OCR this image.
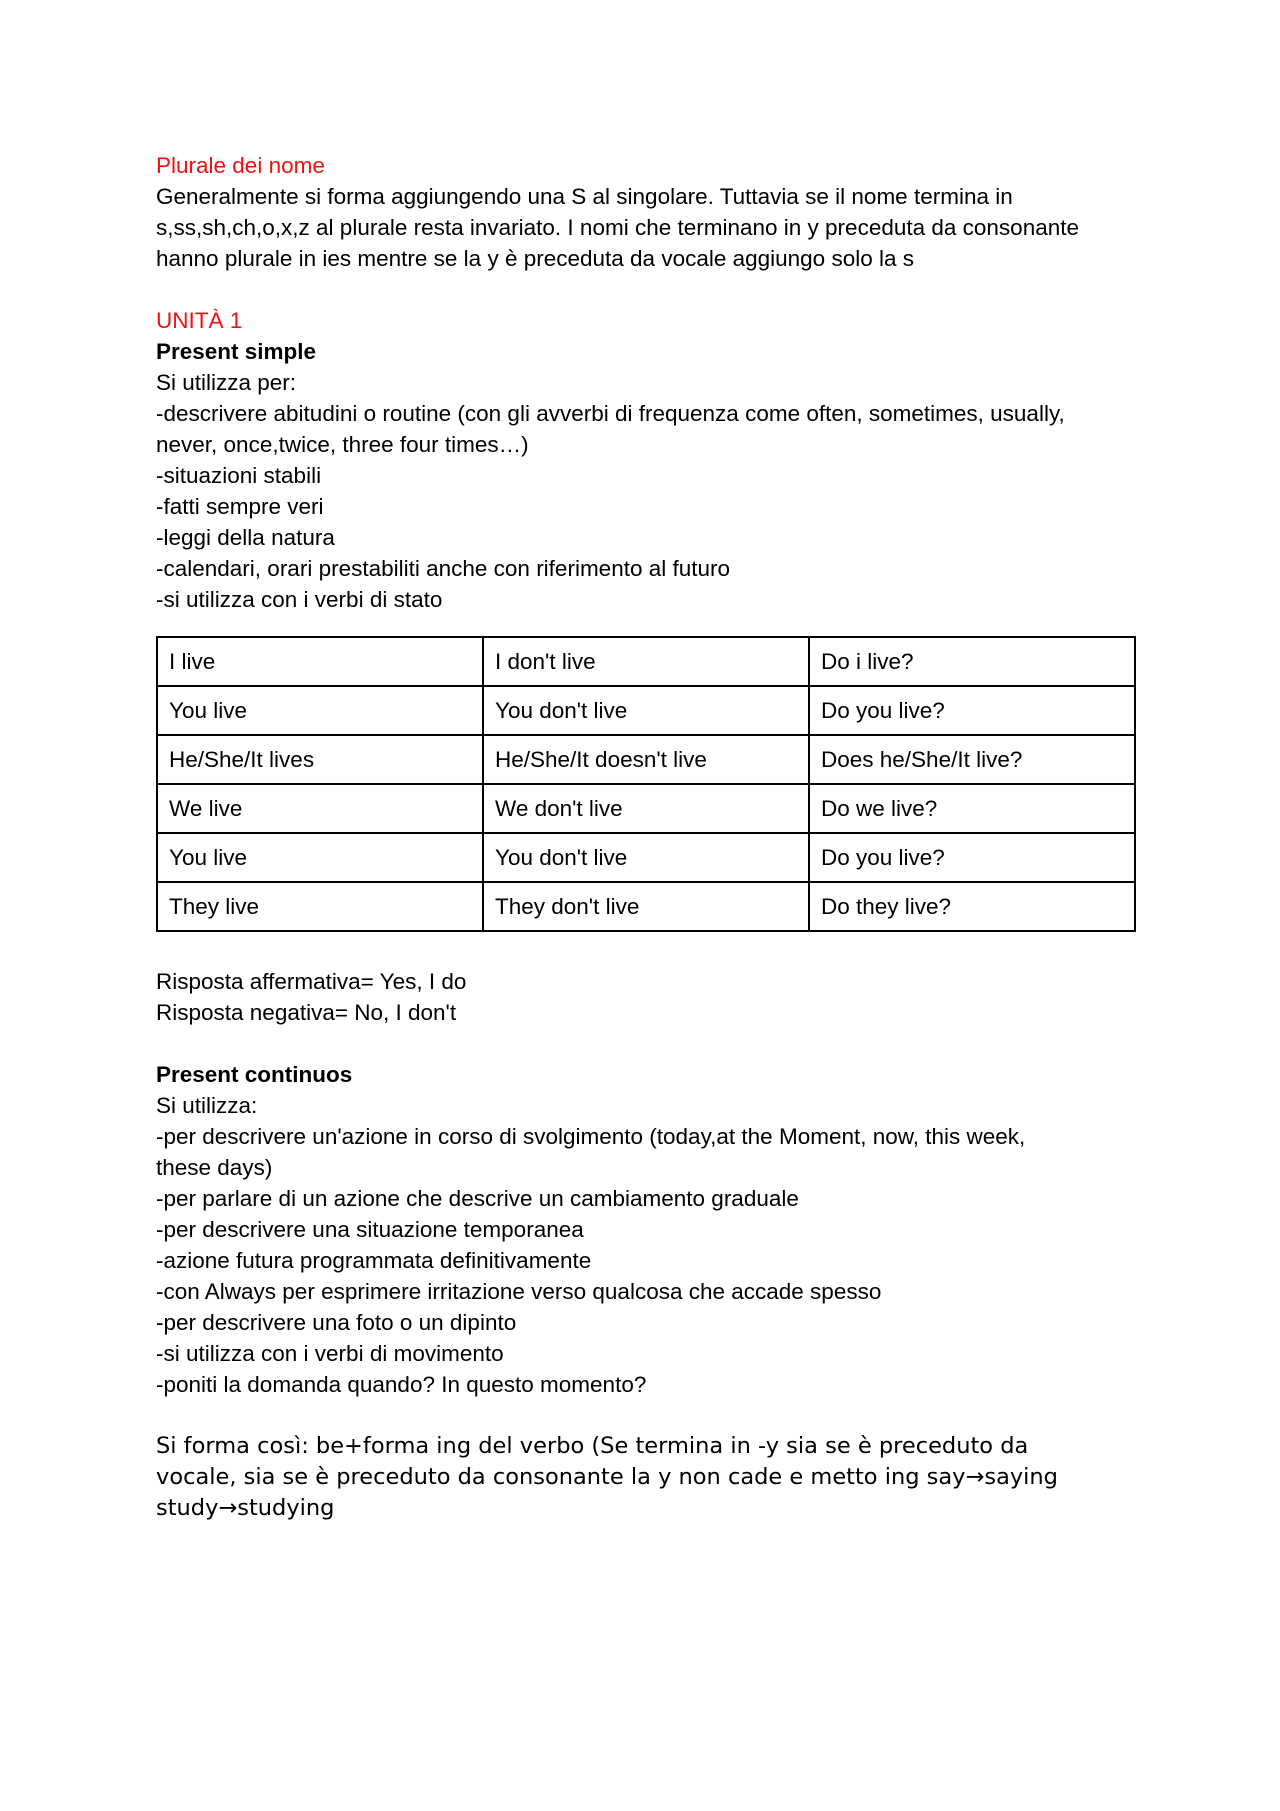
Plurale dei nome

Generalmente si forma aggiungendo una S al singolare. Tuttavia se il nome termina in

s,ss,sh,ch,o,x,z al plurale resta invariato. I nomi che terminano in y preceduta da consonante

hanno plurale in ies mentre se la y è preceduta da vocale aggiungo solo la s

UNITÀ 1

Present simple

Si utilizza per:

-descrivere abitudini o routine (con gli avverbi di frequenza come often, sometimes, usually,

never, once,twice, three four times…)

-situazioni stabili

-fatti sempre veri

-leggi della natura

-calendari, orari prestabiliti anche con riferimento al futuro

-si utilizza con i verbi di stato

I live	I don't live	Do i live?
You live	You don't live	Do you live?
He/She/It lives	He/She/It doesn't live	Does he/She/It live?
We live	We don't live	Do we live?
You live	You don't live	Do you live?
They live	They don't live	Do they live?

Risposta affermativa= Yes, I do

Risposta negativa= No, I don't

Present continuos

Si utilizza:

-per descrivere un'azione in corso di svolgimento (today,at the Moment, now, this week,

these days)

-per parlare di un azione che descrive un cambiamento graduale

-per descrivere una situazione temporanea

-azione futura programmata definitivamente

-con Always per esprimere irritazione verso qualcosa che accade spesso

-per descrivere una foto o un dipinto

-si utilizza con i verbi di movimento

-poniti la domanda quando? In questo momento?

Si forma così: be+forma ing del verbo (Se termina in -y sia se è preceduto da

vocale, sia se è preceduto da consonante la y non cade e metto ing say→saying

study→studying
